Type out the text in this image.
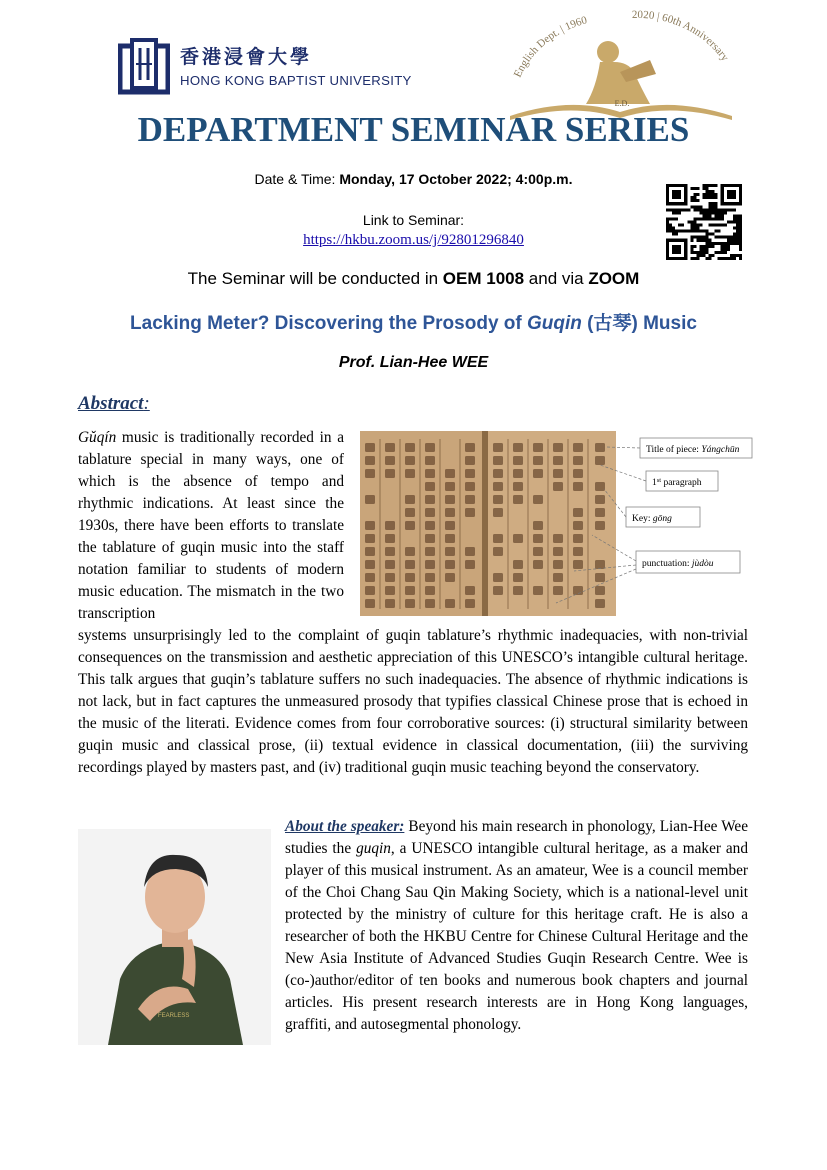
香港浸會大學
HONG KONG BAPTIST UNIVERSITY	English Dept. | 1960	2020 | 60th Anniversary
E.D.
DEPARTMENT SEMINAR SERIES
Date & Time: Monday, 17 October 2022; 4:00p.m.
Link to Seminar:
https://hkbu.zoom.us/j/92801296840
The Seminar will be conducted in OEM 1008 and via ZOOM
Lacking Meter? Discovering the Prosody of Guqin (古琴) Music
Prof. Lian-Hee WEE
Abstract:
Gǔqín music is traditionally recorded in a tablature special in many ways, one of which is the absence of tempo and rhythmic indications. At least since the 1930s, there have been efforts to translate the tablature of guqin music into the staff notation familiar to students of modern music education. The mismatch in the two transcription
Title of piece: Yángchūn
1st paragraph
Key: gōng
punctuation: jùdòu
systems unsurprisingly led to the complaint of guqin tablature’s rhythmic inadequacies, with non-trivial consequences on the transmission and aesthetic appreciation of this UNESCO’s intangible cultural heritage. This talk argues that guqin’s tablature suffers no such inadequacies. The absence of rhythmic indications is not lack, but in fact captures the unmeasured prosody that typifies classical Chinese prose that is echoed in the music of the literati. Evidence comes from four corroborative sources: (i) structural similarity between guqin music and classical prose, (ii) textual evidence in classical documentation, (iii) the surviving recordings played by masters past, and (iv) traditional guqin music teaching beyond the conservatory.
FEARLESS
About the speaker: Beyond his main research in phonology, Lian-Hee Wee studies the guqin, a UNESCO intangible cultural heritage, as a maker and player of this musical instrument. As an amateur, Wee is a council member of the Choi Chang Sau Qin Making Society, which is a national-level unit protected by the ministry of culture for this heritage craft. He is also a researcher of both the HKBU Centre for Chinese Cultural Heritage and the New Asia Institute of Advanced Studies Guqin Research Centre. Wee is (co-)author/editor of ten books and numerous book chapters and journal articles. His present research interests are in Hong Kong languages, graffiti, and autosegmental phonology.
